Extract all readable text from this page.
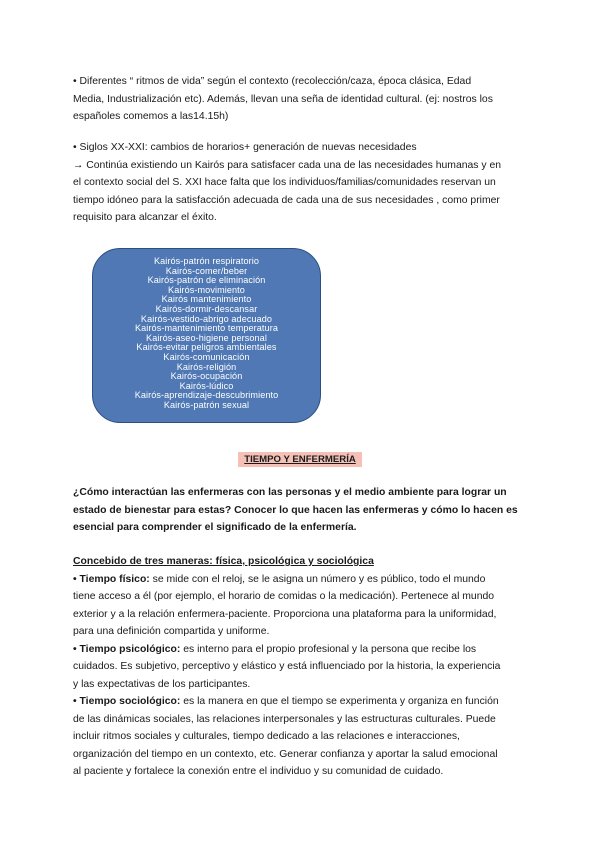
• Diferentes “ ritmos de vida” según el contexto (recolección/caza, época clásica, Edad
Media, Industrialización etc). Además, llevan una seña de identidad cultural. (ej: nostros los
españoles comemos a las14.15h)
• Siglos XX-XXI: cambios de horarios+ generación de nuevas necesidades
→ Continúa existiendo un Kairós para satisfacer cada una de las necesidades humanas y en
el contexto social del S. XXI hace falta que los individuos/familias/comunidades reservan un
tiempo idóneo para la satisfacción adecuada de cada una de sus necesidades , como primer
requisito para alcanzar el éxito.
Kairós-patrón respiratorio
Kairós-comer/beber
Kairós-patrón de eliminación
Kairós-movimiento
Kairós mantenimiento
Kairós-dormir-descansar
Kairós-vestido-abrigo adecuado
Kairós-mantenimiento temperatura
Kairós-aseo-higiene personal
Kairós-evitar peligros ambientales
Kairós-comunicación
Kairós-religión
Kairós-ocupación
Kairós-lúdico
Kairós-aprendizaje-descubrimiento
Kairós-patrón sexual
TIEMPO Y ENFERMERÍA
¿Cómo interactúan las enfermeras con las personas y el medio ambiente para lograr un
estado de bienestar para estas? Conocer lo que hacen las enfermeras y cómo lo hacen es
esencial para comprender el significado de la enfermería.
Concebido de tres maneras: física, psicológica y sociológica
• Tiempo físico: se mide con el reloj, se le asigna un número y es público, todo el mundo
tiene acceso a él (por ejemplo, el horario de comidas o la medicación). Pertenece al mundo
exterior y a la relación enfermera-paciente. Proporciona una plataforma para la uniformidad,
para una definición compartida y uniforme.
• Tiempo psicológico: es interno para el propio profesional y la persona que recibe los
cuidados. Es subjetivo, perceptivo y elástico y está influenciado por la historia, la experiencia
y las expectativas de los participantes.
• Tiempo sociológico: es la manera en que el tiempo se experimenta y organiza en función
de las dinámicas sociales, las relaciones interpersonales y las estructuras culturales. Puede
incluir ritmos sociales y culturales, tiempo dedicado a las relaciones e interacciones,
organización del tiempo en un contexto, etc. Generar confianza y aportar la salud emocional
al paciente y fortalece la conexión entre el individuo y su comunidad de cuidado.
